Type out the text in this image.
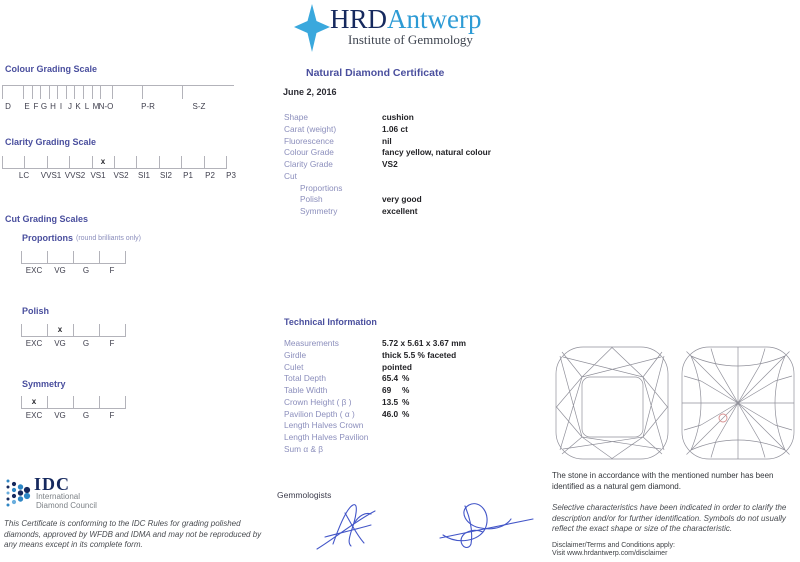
HRDAntwerp
Institute of Gemmology
Colour Grading Scale
D E F G H I J K L M N-O	P-R	S-Z
Clarity Grading Scale
x
LC VVS1 VVS2 VS1 VS2 SI1 SI2 P1 P2 P3
Cut Grading Scales
Proportions (round brilliants only)
EXC VG G	F
Polish
x
EXC VG G	F
Symmetry
x
EXC VG G	F
Natural Diamond Certificate
June 2, 2016
Shape	cushion
Carat (weight)	1.06 ct
Fluorescence	nil
Colour Grade	fancy yellow, natural colour
Clarity Grade	VS2
Cut
Proportions
Polish	very good
Symmetry	excellent
Technical Information
Measurements	5.72 x 5.61 x 3.67 mm
Girdle	thick 5.5 % faceted
Culet	pointed
Total Depth	65.4 %
Table Width	69 %
Crown Height ( β )	13.5 %
Pavilion Depth ( α )	46.0 %
Length Halves Crown
Length Halves Pavilion
Sum α & β
IDC
International
Diamond Council
This Certificate is conforming to the IDC Rules for grading polished diamonds, approved by WFDB and IDMA and may not be reproduced by any means except in its complete form.
Gemmologists
The stone in accordance with the mentioned number has been identified as a natural gem diamond.
Selective characteristics have been indicated in order to clarify the description and/or for further identification. Symbols do not usually reflect the exact shape or size of the characteristic.
Disclaimer/Terms and Conditions apply:
Visit www.hrdantwerp.com/disclaimer
